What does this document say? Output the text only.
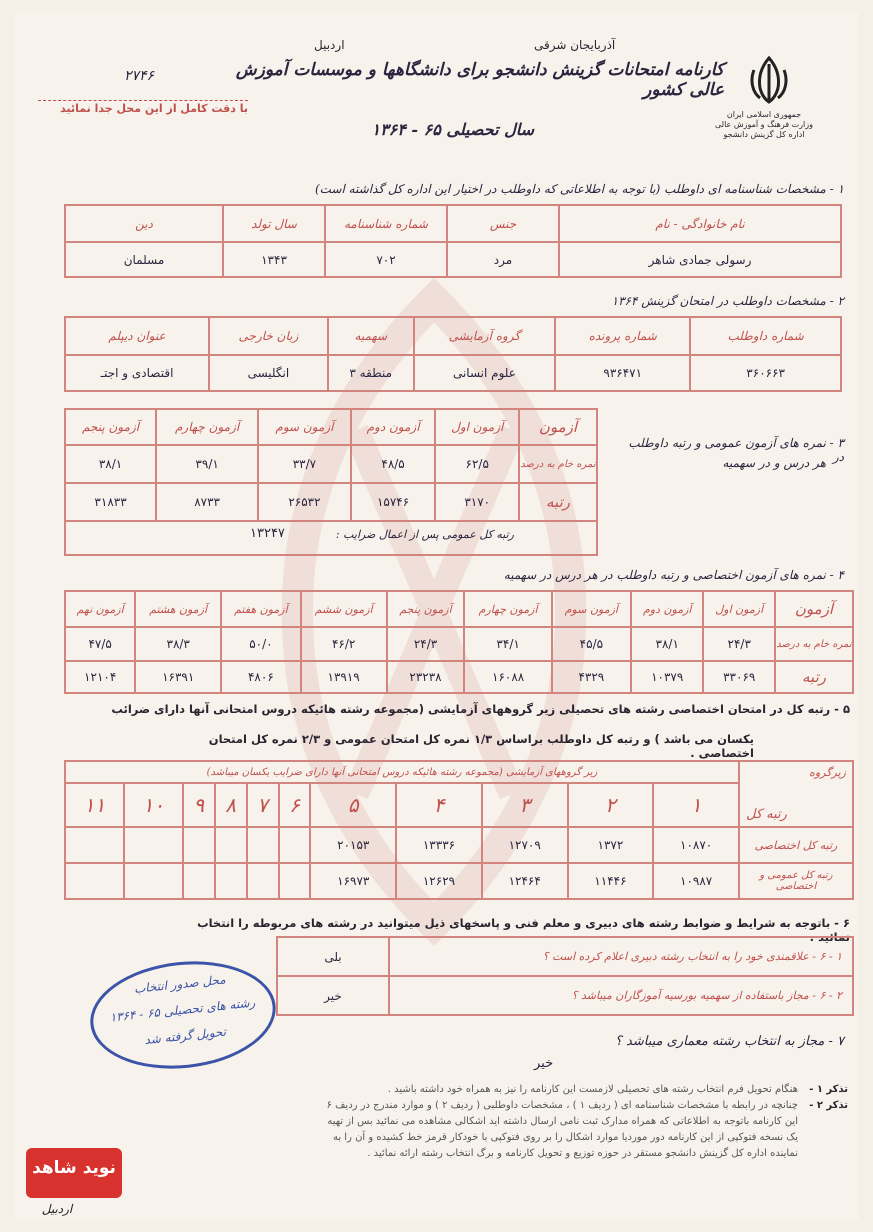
آذربایجان شرقی
اردبیل
۲۷۴۶
با دقت کامل از این محل جدا نمائید
کارنامه امتحانات گزینش دانشجو برای دانشگاهها و موسسات آموزش عالی کشور
سال تحصیلی ۶۵ - ۱۳۶۴
جمهوری اسلامی ایران
وزارت فرهنگ و آموزش عالی
اداره کل گزینش دانشجو
۱ - مشخصات شناسنامه ای داوطلب (با توجه به اطلاعاتی که داوطلب در اختیار این اداره کل گذاشته است)
نام خانوادگی - نام	جنس	شماره شناسنامه	سال تولد	دین
رسولی جمادی شاهر	مرد	۷۰۲	۱۳۴۳	مسلمان
۲ - مشخصات داوطلب در امتحان گزینش ۱۳۶۴
شماره داوطلب	شماره پرونده	گروه آزمایشی	سهمیه	زبان خارجی	عنوان دیپلم
۳۶۰۶۶۳	۹۳۶۴۷۱	علوم انسانی	منطقه ۳	انگلیسی	اقتصادی و اجتـ
۳ - نمره های آزمون عمومی و رتبه داوطلب در
هر درس و در سهمیه
آزمون	آزمون اول	آزمون دوم	آزمون سوم	آزمون چهارم	آزمون پنجم
نمره خام به درصد	۶۲/۵	۴۸/۵	۳۳/۷	۳۹/۱	۳۸/۱
رتبه	۳۱۷۰	۱۵۷۴۶	۲۶۵۳۲	۸۷۳۳	۳۱۸۳۳
رتبه کل عمومی پس از اعمال ضرایب :
۱۳۲۴۷
۴ - نمره های آزمون اختصاصی و رتبه داوطلب در هر درس در سهمیه
آزمون	آزمون اول	آزمون دوم	آزمون سوم	آزمون چهارم	آزمون پنجم	آزمون ششم	آزمون هفتم	آزمون هشتم	آزمون نهم
نمره خام به درصد	۲۴/۳	۳۸/۱	۴۵/۵	۳۴/۱	۲۴/۳	۴۶/۲	۵۰/۰	۳۸/۳	۴۷/۵
رتبه	۳۳۰۶۹	۱۰۳۷۹	۴۳۲۹	۱۶۰۸۸	۲۳۲۳۸	۱۳۹۱۹	۴۸۰۶	۱۶۳۹۱	۱۲۱۰۴
۵ - رتبه کل در امتحان اختصاصی رشته های تحصیلی زیر گروههای آزمایشی (مجموعه رشته هائیکه دروس امتحانی آنها دارای ضرائب
یکسان می باشد ) و رتبه کل داوطلب براساس ۱/۳ نمره کل امتحان عمومی و ۲/۳ نمره کل امتحان اختصاصی .
زیرگروه
رتبه کل	زیر گروههای آزمایشی (مجموعه رشته هائیکه دروس امتحانی آنها دارای ضرایب یکسان میباشد)										
	۱	۲	۳	۴	۵	۶	۷	۸	۹	۱۰	۱۱
رتبه کل اختصاصی	۱۰۸۷۰	۱۳۷۲	۱۲۷۰۹	۱۳۳۳۶	۲۰۱۵۳						
رتبه کل عمومی و اختصاصی	۱۰۹۸۷	۱۱۴۴۶	۱۲۴۶۴	۱۲۶۲۹	۱۶۹۷۳						
۶ - باتوجه به شرایط و ضوابط رشته های دبیری و معلم فنی و پاسخهای ذیل میتوانید در رشته های مربوطه را انتخاب نمائید .
۱ - ۶ - علاقمندی خود را به انتخاب رشته دبیری اعلام کرده است ؟	بلی
۲ - ۶ - مجاز باستفاده از سهمیه بورسیه آموزگاران میباشد ؟	خیر
۷ - مجاز به انتخاب رشته معماری میباشد ؟
خیر
تذکر ۱ -
هنگام تحویل فرم انتخاب رشته های تحصیلی لازمست این کارنامه را نیز به همراه خود داشته باشید .
تذکر ۲ -
چنانچه در رابطه با مشخصات شناسنامه ای ( ردیف ۱ ) ، مشخصات داوطلبی ( ردیف ۲ ) و موارد مندرج در ردیف ۶
این کارنامه باتوجه به اطلاعاتی که همراه مدارک ثبت نامی ارسال داشته اید اشکالی مشاهده می نمائید بس از تهیه
یک نسخه فتوکپی از این کارنامه دور موردیا موارد اشکال را بر روی فتوکپی با خودکار قرمز خط کشیده و آن را به
نماینده اداره کل گزینش دانشجو مستقر در حوزه توزیع و تحویل کارنامه و برگ انتخاب رشته ارائه نمائید .
محل صدور انتخاب
رشته های تحصیلی ۶۵ - ۱۳۶۴
تحویل گرفته شد
نوید شاهد
اردبیل
